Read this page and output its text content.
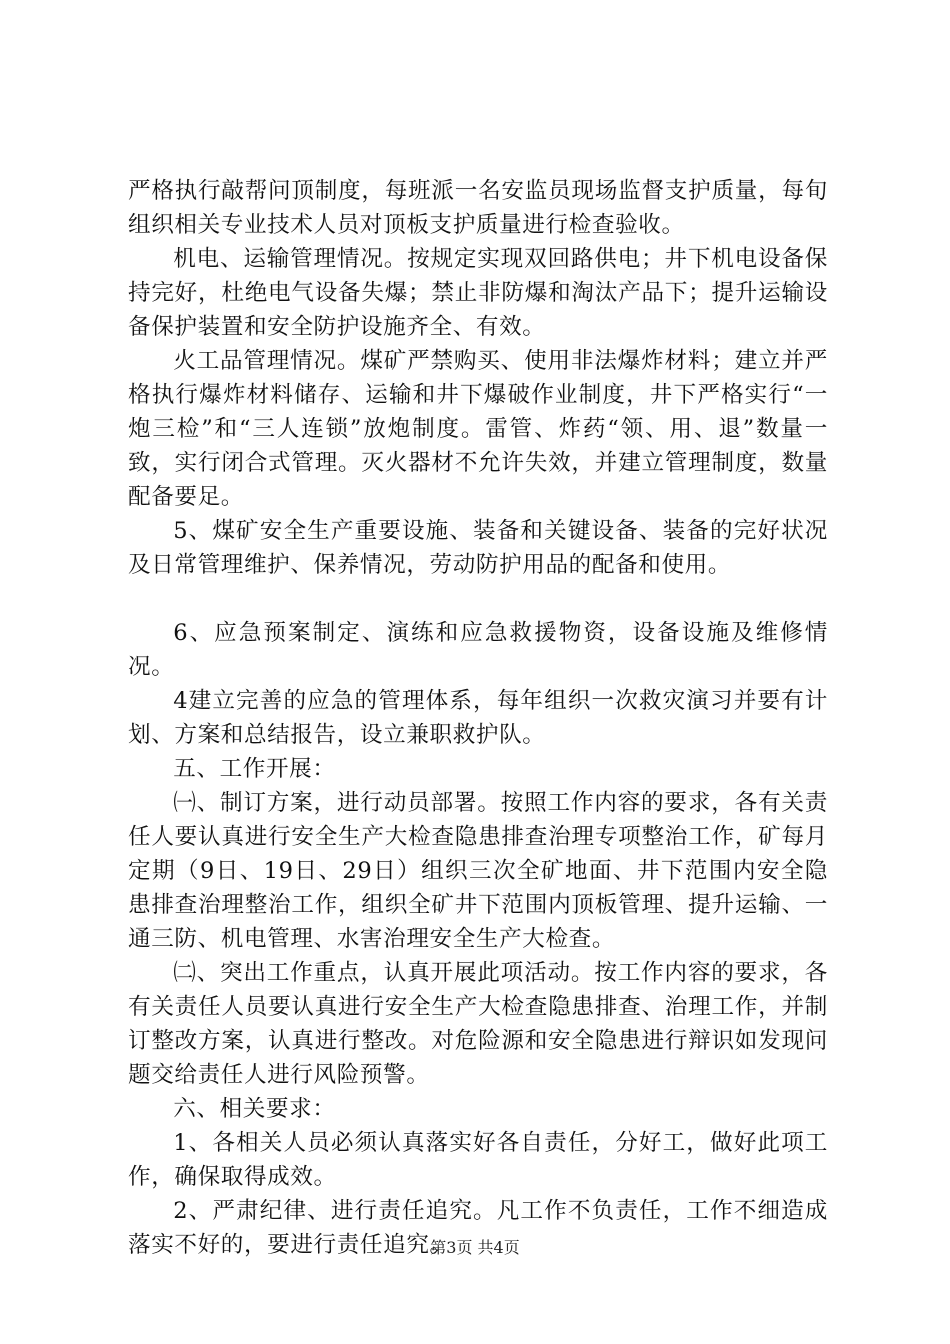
严格执行敲帮问顶制度，每班派一名安监员现场监督支护质量，每旬组织相关专业技术人员对顶板支护质量进行检查验收。

机电、运输管理情况。按规定实现双回路供电；井下机电设备保持完好，杜绝电气设备失爆；禁止非防爆和淘汰产品下；提升运输设备保护装置和安全防护设施齐全、有效。

火工品管理情况。煤矿严禁购买、使用非法爆炸材料；建立并严格执行爆炸材料储存、运输和井下爆破作业制度，井下严格实行“一炮三检”和“三人连锁”放炮制度。雷管、炸药“领、用、退”数量一致，实行闭合式管理。灭火器材不允许失效，并建立管理制度，数量配备要足。

5、煤矿安全生产重要设施、装备和关键设备、装备的完好状况及日常管理维护、保养情况，劳动防护用品的配备和使用。

6、应急预案制定、演练和应急救援物资，设备设施及维修情况。

4建立完善的应急的管理体系，每年组织一次救灾演习并要有计划、方案和总结报告，设立兼职救护队。

五、工作开展：

㈠、制订方案，进行动员部署。按照工作内容的要求，各有关责任人要认真进行安全生产大检查隐患排查治理专项整治工作，矿每月定期（9日、19日、29日）组织三次全矿地面、井下范围内安全隐患排查治理整治工作，组织全矿井下范围内顶板管理、提升运输、一通三防、机电管理、水害治理安全生产大检查。

㈡、突出工作重点，认真开展此项活动。按工作内容的要求，各有关责任人员要认真进行安全生产大检查隐患排查、治理工作，并制订整改方案，认真进行整改。对危险源和安全隐患进行辩识如发现问题交给责任人进行风险预警。

六、相关要求：

1、各相关人员必须认真落实好各自责任，分好工，做好此项工作，确保取得成效。

2、严肃纪律、进行责任追究。凡工作不负责任，工作不细造成落实不好的，要进行责任追究。

第3页 共4页
